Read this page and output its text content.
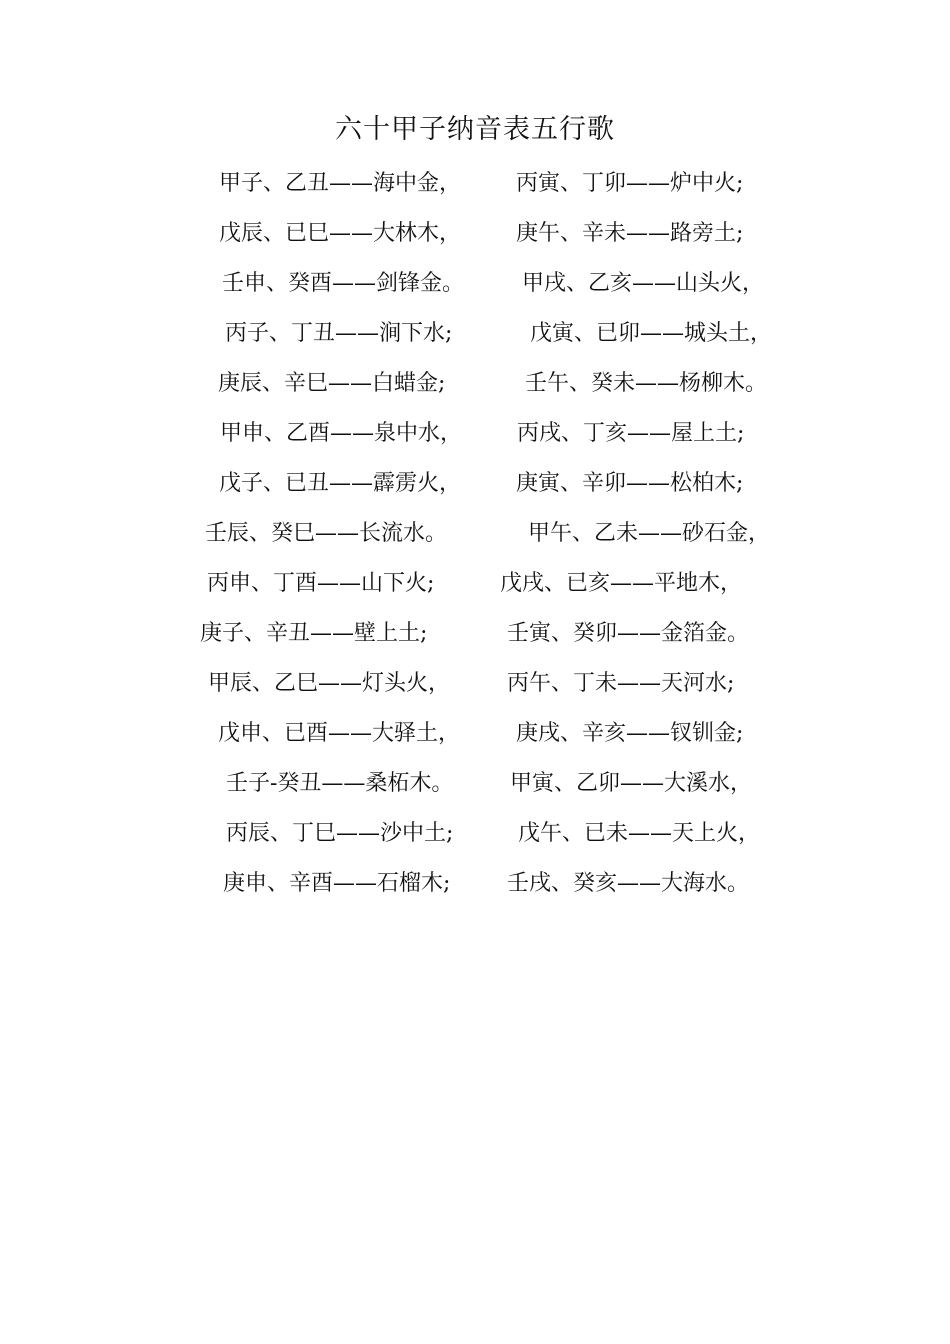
六十甲子纳音表五行歌
甲子、乙丑——海中金， 丙寅、丁卯——炉中火;
戊辰、已巳——大林木， 庚午、辛未——路旁土;
壬申、癸酉——剑锋金。	甲戌、乙亥——山头火，
丙子、丁丑——涧下水;	戊寅、已卯——城头土，
庚辰、辛巳——白蜡金;	壬午、癸未——杨柳木。
甲申、乙酉——泉中水， 丙戌、丁亥——屋上土;
戊子、已丑——霹雳火， 庚寅、辛卯——松柏木;
壬辰、癸巳——长流水。	甲午、乙未——砂石金，
丙申、丁酉——山下火;	戊戌、已亥——平地木，
庚子、辛丑——壁上土;	壬寅、癸卯——金箔金。
甲辰、乙巳——灯头火，	丙午、丁未——天河水;
戊申、已酉——大驿土，	庚戌、辛亥——钗钏金;
壬子-癸丑——桑柘木。	甲寅、乙卯——大溪水，
丙辰、丁巳——沙中土;	戊午、已未——天上火，
庚申、辛酉——石榴木;	壬戌、癸亥——大海水。
